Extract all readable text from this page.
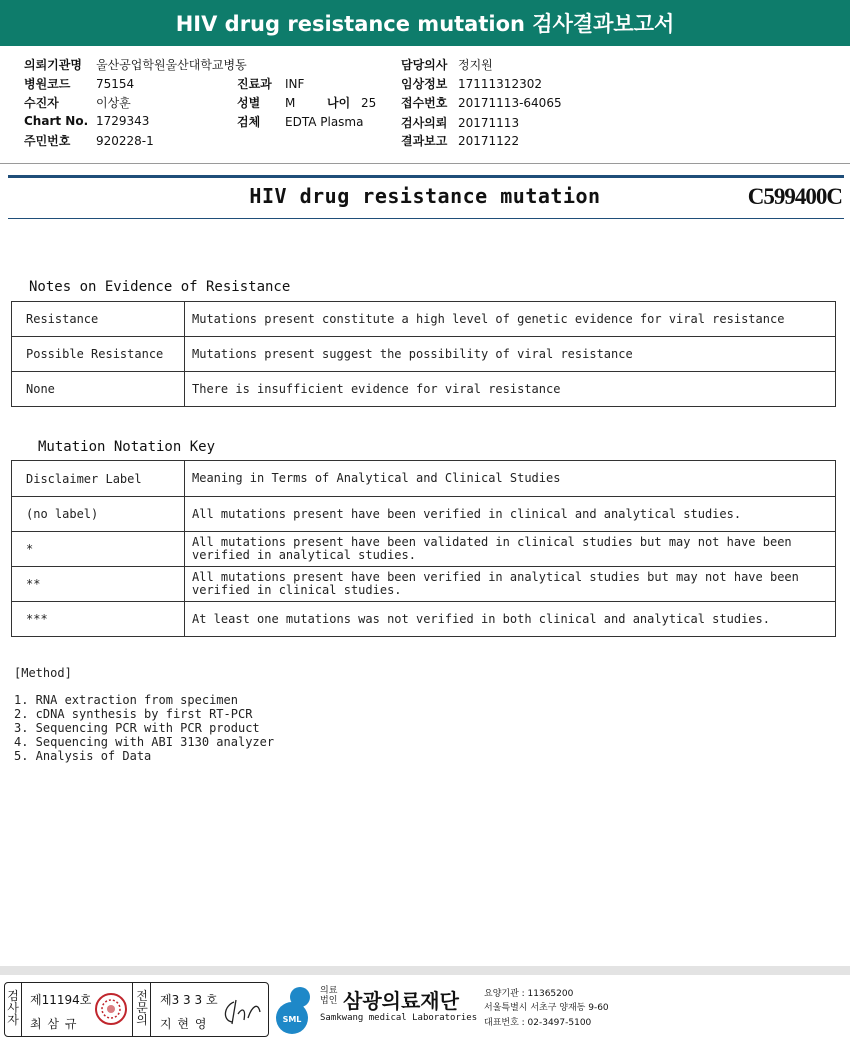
HIV drug resistance mutation 검사결과보고서
의뢰기관명 울산공업학원울산대학교병동
병원코드 75154
수진자	이상훈
Chart No. 1729343
주민번호 920228-1
진료과 INF
성별 M	나이 25
검체 EDTA Plasma
담당의사 정지원
임상정보 17111312302
접수번호 20171113-64065
검사의뢰 20171113
결과보고 20171122
HIV drug resistance mutation	C599400C
Notes on Evidence of Resistance
Resistance	Mutations present constitute a high level of genetic evidence for viral resistance
Possible Resistance	Mutations present suggest the possibility of viral resistance
None	There is insufficient evidence for viral resistance
Mutation Notation Key
Disclaimer Label	Meaning in Terms of Analytical and Clinical Studies
(no label)	All mutations present have been verified in clinical and analytical studies.
*	All mutations present have been validated in clinical studies but may not have been verified in analytical studies.
**	All mutations present have been verified in analytical studies but may not have been verified in clinical studies.
***	At least one mutations was not verified in both clinical and analytical studies.
[Method]
1. RNA extraction from specimen
2. cDNA synthesis by first RT-PCR
3. Sequencing PCR with PCR product
4. Sequencing with ABI 3130 analyzer
5. Analysis of Data
검사자
제11194호
최 삼 규
전문의
제3 3 3 호
지 현 영	SML
의료법인 삼광의료재단
Samkwang medical Laboratories
요양기관 : 11365200
서울특별시 서초구 양재동 9-60
대표번호 : 02-3497-5100
